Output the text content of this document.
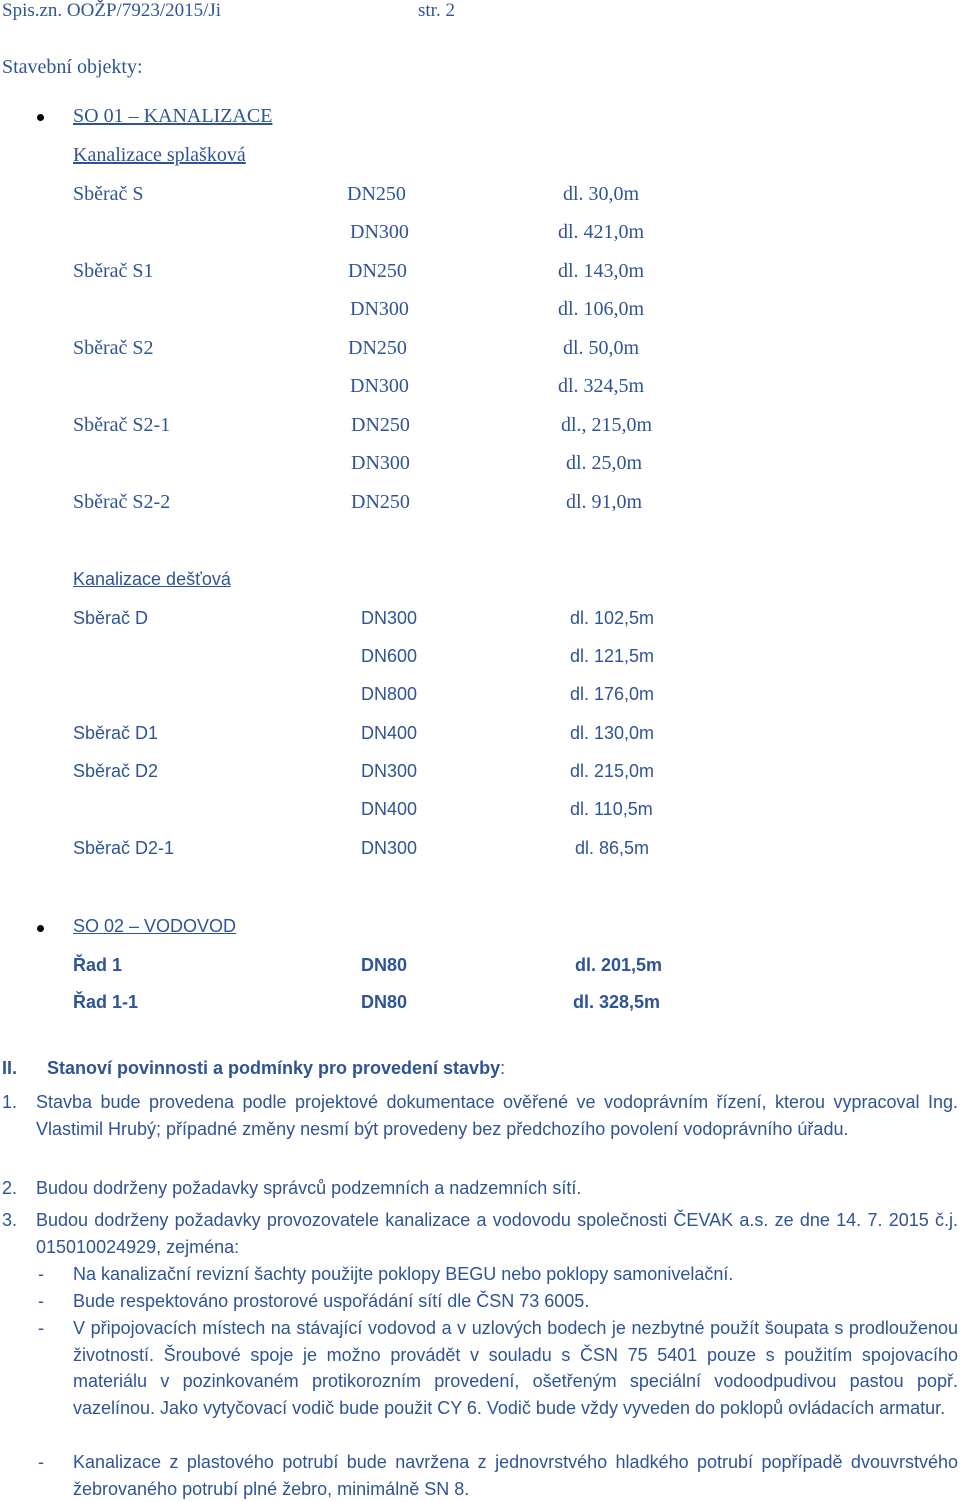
Spis.zn. OOŽP/7923/2015/Ji	str. 2
Stavební objekty:
SO 01 – KANALIZACE
Kanalizace splašková
Sběrač S	DN250	dl. 30,0m
DN300	dl. 421,0m
Sběrač S1	DN250	dl. 143,0m
DN300	dl. 106,0m
Sběrač S2	DN250	dl. 50,0m
DN300	dl. 324,5m
Sběrač S2-1	DN250	dl., 215,0m
DN300	dl. 25,0m
Sběrač S2-2	DN250	dl. 91,0m
Kanalizace dešťová
Sběrač D	DN300	dl. 102,5m
DN600	dl. 121,5m
DN800	dl. 176,0m
Sběrač D1	DN400	dl. 130,0m
Sběrač D2	DN300	dl. 215,0m
DN400	dl. 110,5m
Sběrač D2-1	DN300	dl. 86,5m
SO 02 – VODOVOD
Řad 1	DN80	dl. 201,5m
Řad 1-1	DN80	dl. 328,5m
II. Stanoví povinnosti a podmínky pro provedení stavby:
1. Stavba bude provedena podle projektové dokumentace ověřené ve vodoprávním řízení, kterou vypracoval Ing. Vlastimil Hrubý; případné změny nesmí být provedeny bez předchozího povolení vodoprávního úřadu.
2. Budou dodrženy požadavky správců podzemních a nadzemních sítí.
3. Budou dodrženy požadavky provozovatele kanalizace a vodovodu společnosti ČEVAK a.s. ze dne 14. 7. 2015 č.j. 015010024929, zejména:
- Na kanalizační revizní šachty použijte poklopy BEGU nebo poklopy samonivelační.
- Bude respektováno prostorové uspořádání sítí dle ČSN 73 6005.
- V připojovacích místech na stávající vodovod a v uzlových bodech je nezbytné použít šoupata s prodlouženou životností. Šroubové spoje je možno provádět v souladu s ČSN 75 5401 pouze s použitím spojovacího materiálu v pozinkovaném protikorozním provedení, ošetřeným speciální vodoodpudivou pastou popř. vazelínou. Jako vytyčovací vodič bude použit CY 6. Vodič bude vždy vyveden do poklopů ovládacích armatur.
- Kanalizace z plastového potrubí bude navržena z jednovrstvého hladkého potrubí popřípadě dvouvrstvého žebrovaného potrubí plné žebro, minimálně SN 8.
